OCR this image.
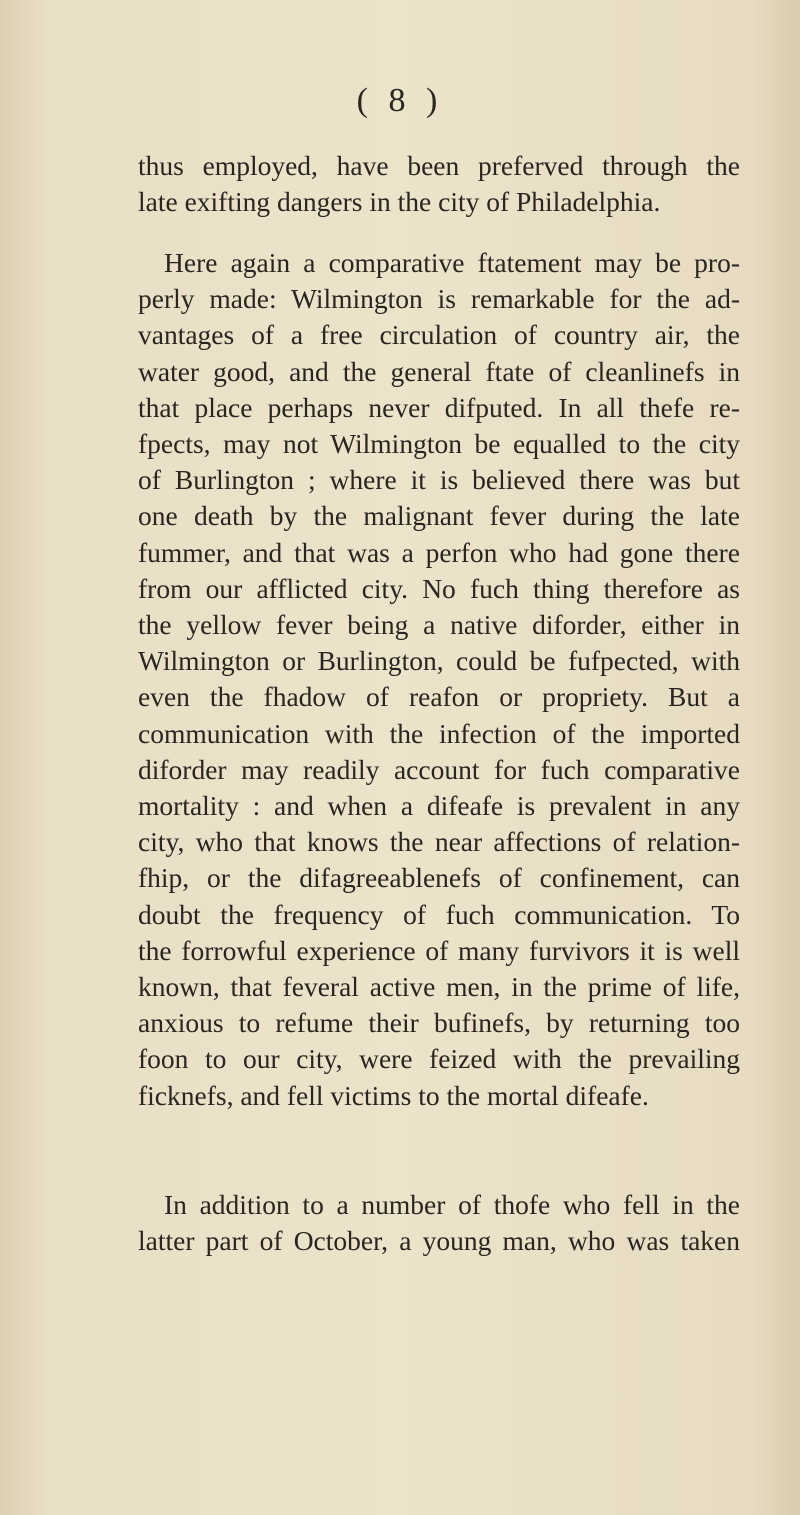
( 8 )
thus employed, have been preferved through the
late exifting dangers in the city of Philadelphia.
Here again a comparative ftatement may be pro-
perly made: Wilmington is remarkable for the ad-
vantages of a free circulation of country air, the
water good, and the general ftate of cleanlinefs in
that place perhaps never difputed. In all thefe re-
fpects, may not Wilmington be equalled to the city
of Burlington ; where it is believed there was but
one death by the malignant fever during the late
fummer, and that was a perfon who had gone there
from our afflicted city. No fuch thing therefore as
the yellow fever being a native diforder, either in
Wilmington or Burlington, could be fufpected, with
even the fhadow of reafon or propriety. But a
communication with the infection of the imported
diforder may readily account for fuch comparative
mortality : and when a difeafe is prevalent in any
city, who that knows the near affections of relation-
fhip, or the difagreeablenefs of confinement, can
doubt the frequency of fuch communication. To
the forrowful experience of many furvivors it is well
known, that feveral active men, in the prime of life,
anxious to refume their bufinefs, by returning too
foon to our city, were feized with the prevailing
ficknefs, and fell victims to the mortal difeafe.
In addition to a number of thofe who fell in the
latter part of October, a young man, who was taken
